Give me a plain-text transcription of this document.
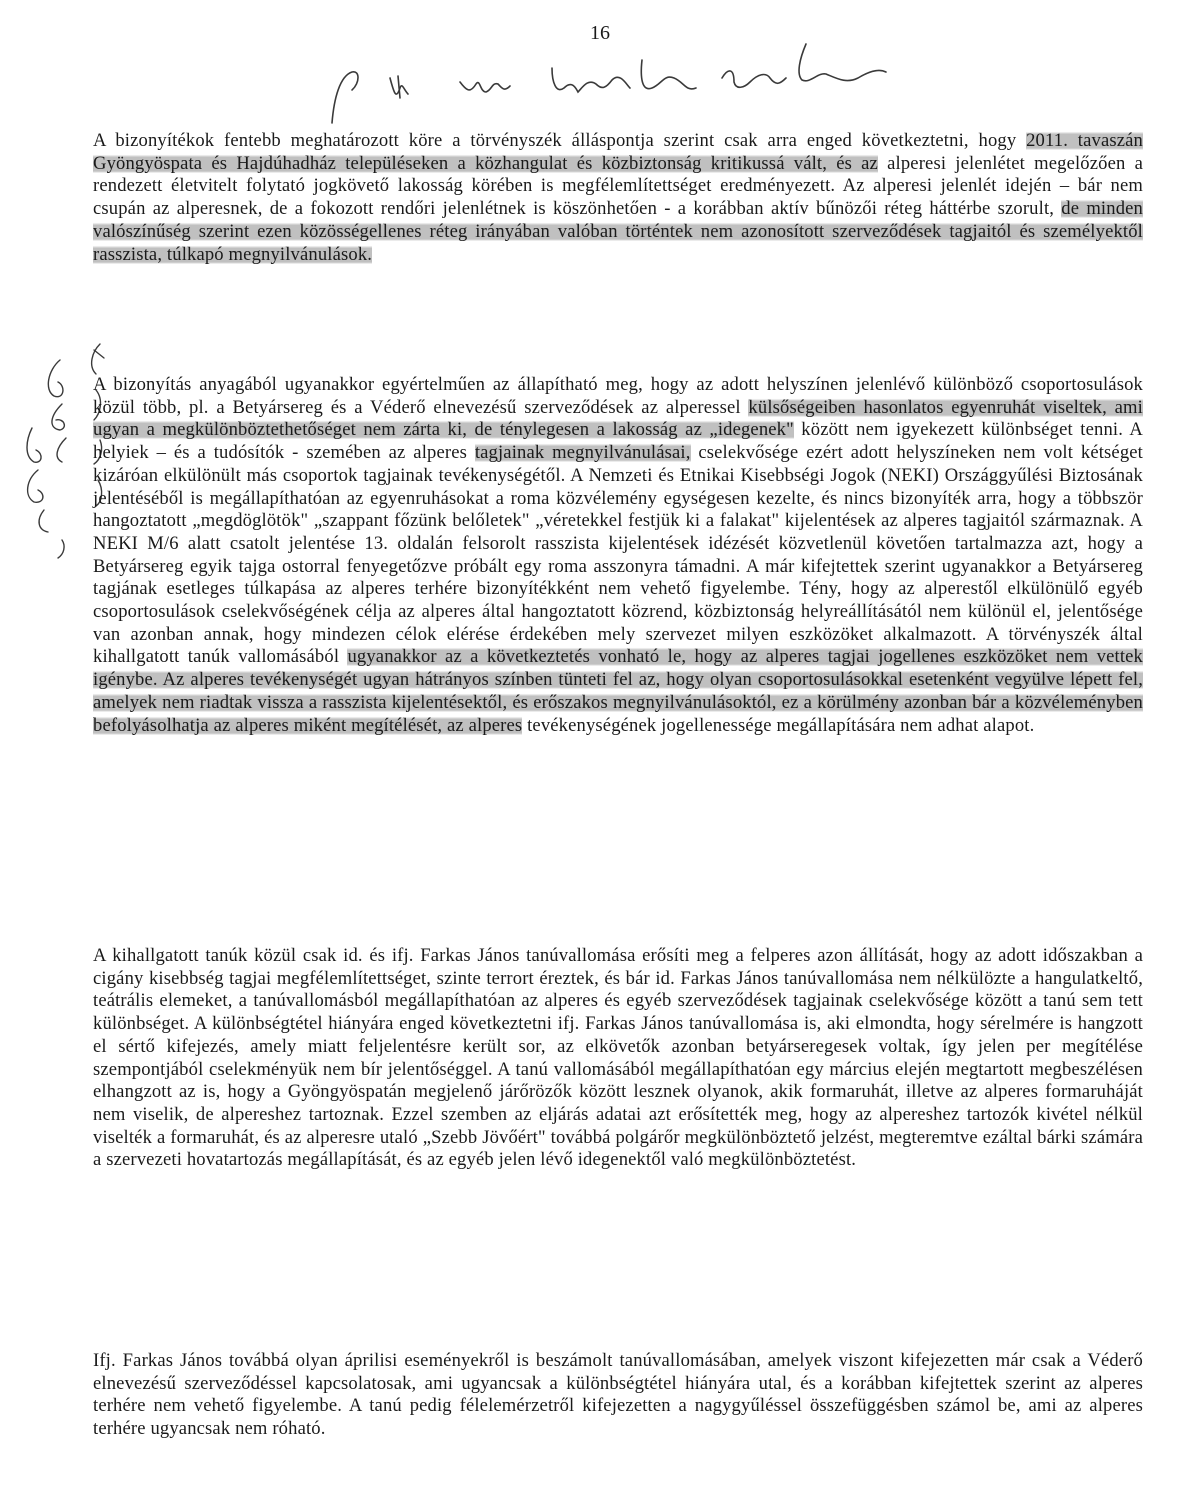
16

A bizonyítékok fentebb meghatározott köre a törvényszék álláspontja szerint csak arra enged következtetni, hogy 2011. tavaszán Gyöngyöspata és Hajdúhadház településeken a közhangulat és közbiztonság kritikussá vált, és az alperesi jelenlétet megelőzően a rendezett életvitelt folytató jogkövető lakosság körében is megfélemlítettséget eredményezett. Az alperesi jelenlét idején – bár nem csupán az alperesnek, de a fokozott rendőri jelenlétnek is köszönhetően - a korábban aktív bűnözői réteg háttérbe szorult, de minden valószínűség szerint ezen közösségellenes réteg irányában valóban történtek nem azonosított szerveződések tagjaitól és személyektől rasszista, túlkapó megnyilvánulások.

A bizonyítás anyagából ugyanakkor egyértelműen az állapítható meg, hogy az adott helyszínen jelenlévő különböző csoportosulások közül több, pl. a Betyársereg és a Véderő elnevezésű szerveződések az alperessel külsőségeiben hasonlatos egyenruhát viseltek, ami ugyan a megkülönböztethetőséget nem zárta ki, de ténylegesen a lakosság az „idegenek" között nem igyekezett különbséget tenni. A helyiek – és a tudósítók - szemében az alperes tagjainak megnyilvánulásai, cselekvősége ezért adott helyszíneken nem volt kétséget kizáróan elkülönült más csoportok tagjainak tevékenységétől. A Nemzeti és Etnikai Kisebbségi Jogok (NEKI) Országgyűlési Biztosának jelentéséből is megállapíthatóan az egyenruhásokat a roma közvélemény egységesen kezelte, és nincs bizonyíték arra, hogy a többször hangoztatott „megdöglötök" „szappant főzünk belőletek" „véretekkel festjük ki a falakat" kijelentések az alperes tagjaitól származnak. A NEKI M/6 alatt csatolt jelentése 13. oldalán felsorolt rasszista kijelentések idézését közvetlenül követően tartalmazza azt, hogy a Betyársereg egyik tajga ostorral fenyegetőzve próbált egy roma asszonyra támadni. A már kifejtettek szerint ugyanakkor a Betyársereg tagjának esetleges túlkapása az alperes terhére bizonyítékként nem vehető figyelembe. Tény, hogy az alperestől elkülönülő egyéb csoportosulások cselekvőségének célja az alperes által hangoztatott közrend, közbiztonság helyreállításától nem különül el, jelentősége van azonban annak, hogy mindezen célok elérése érdekében mely szervezet milyen eszközöket alkalmazott. A törvényszék által kihallgatott tanúk vallomásából ugyanakkor az a következtetés vonható le, hogy az alperes tagjai jogellenes eszközöket nem vettek igénybe. Az alperes tevékenységét ugyan hátrányos színben tünteti fel az, hogy olyan csoportosulásokkal esetenként vegyülve lépett fel, amelyek nem riadtak vissza a rasszista kijelentésektől, és erőszakos megnyilvánulásoktól, ez a körülmény azonban bár a közvéleményben befolyásolhatja az alperes miként megítélését, az alperes tevékenységének jogellenessége megállapítására nem adhat alapot.

A kihallgatott tanúk közül csak id. és ifj. Farkas János tanúvallomása erősíti meg a felperes azon állítását, hogy az adott időszakban a cigány kisebbség tagjai megfélemlítettséget, szinte terrort éreztek, és bár id. Farkas János tanúvallomása nem nélkülözte a hangulatkeltő, teátrális elemeket, a tanúvallomásból megállapíthatóan az alperes és egyéb szerveződések tagjainak cselekvősége között a tanú sem tett különbséget. A különbségtétel hiányára enged következtetni ifj. Farkas János tanúvallomása is, aki elmondta, hogy sérelmére is hangzott el sértő kifejezés, amely miatt feljelentésre került sor, az elkövetők azonban betyárseregesek voltak, így jelen per megítélése szempontjából cselekményük nem bír jelentőséggel. A tanú vallomásából megállapíthatóan egy március elején megtartott megbeszélésen elhangzott az is, hogy a Gyöngyöspatán megjelenő járőrözők között lesznek olyanok, akik formaruhát, illetve az alperes formaruháját nem viselik, de alpereshez tartoznak. Ezzel szemben az eljárás adatai azt erősítették meg, hogy az alpereshez tartozók kivétel nélkül viselték a formaruhát, és az alperesre utaló „Szebb Jövőért" továbbá polgárőr megkülönböztető jelzést, megteremtve ezáltal bárki számára a szervezeti hovatartozás megállapítását, és az egyéb jelen lévő idegenektől való megkülönböztetést.

Ifj. Farkas János továbbá olyan áprilisi eseményekről is beszámolt tanúvallomásában, amelyek viszont kifejezetten már csak a Véderő elnevezésű szerveződéssel kapcsolatosak, ami ugyancsak a különbségtétel hiányára utal, és a korábban kifejtettek szerint az alperes terhére nem vehető figyelembe. A tanú pedig félelemérzetről kifejezetten a nagygyűléssel összefüggésben számol be, ami az alperes terhére ugyancsak nem róható.
